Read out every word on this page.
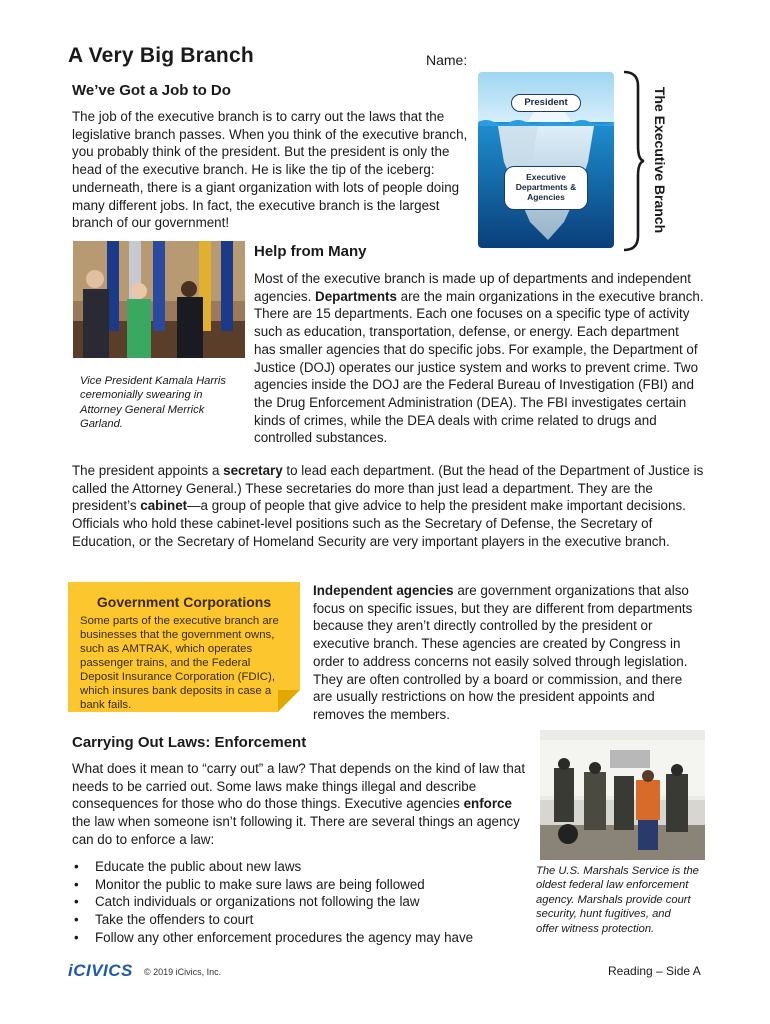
A Very Big Branch	Name:
We’ve Got a Job to Do
The job of the executive branch is to carry out the laws that the legislative branch passes. When you think of the executive branch, you probably think of the president. But the president is only the head of the executive branch. He is like the tip of the iceberg: underneath, there is a giant organization with lots of people doing many different jobs. In fact, the executive branch is the largest branch of our government!
President
Executive
Departments &
Agencies	The Executive Branch
Vice President Kamala Harris
ceremonially swearing in
Attorney General Merrick
Garland.
Help from Many
Most of the executive branch is made up of departments and independent agencies. Departments are the main organizations in the executive branch. There are 15 departments. Each one focuses on a specific type of activity such as education, transportation, defense, or energy. Each department has smaller agencies that do specific jobs. For example, the Department of Justice (DOJ) operates our justice system and works to prevent crime. Two agencies inside the DOJ are the Federal Bureau of Investigation (FBI) and the Drug Enforcement Administration (DEA). The FBI investigates certain kinds of crimes, while the DEA deals with crime related to drugs and controlled substances.
The president appoints a secretary to lead each department. (But the head of the Department of Justice is called the Attorney General.) These secretaries do more than just lead a department. They are the president’s cabinet—a group of people that give advice to help the president make important decisions. Officials who hold these cabinet-level positions such as the Secretary of Defense, the Secretary of Education, or the Secretary of Homeland Security are very important players in the executive branch.
Government Corporations
Some parts of the executive branch are businesses that the government owns, such as AMTRAK, which operates passenger trains, and the Federal Deposit Insurance Corporation (FDIC), which insures bank deposits in case a bank fails.
Independent agencies are government organizations that also focus on specific issues, but they are different from departments because they aren’t directly controlled by the president or executive branch. These agencies are created by Congress in order to address concerns not easily solved through legislation. They are often controlled by a board or commission, and there are usually restrictions on how the president appoints and removes the members.
Carrying Out Laws: Enforcement
What does it mean to “carry out” a law? That depends on the kind of law that needs to be carried out. Some laws make things illegal and describe consequences for those who do those things. Executive agencies enforce the law when someone isn’t following it. There are several things an agency can do to enforce a law:
• Educate the public about new laws
• Monitor the public to make sure laws are being followed
• Catch individuals or organizations not following the law
• Take the offenders to court
• Follow any other enforcement procedures the agency may have
The U.S. Marshals Service is the
oldest federal law enforcement
agency. Marshals provide court
security, hunt fugitives, and
offer witness protection.
iCIVICS © 2019 iCivics, Inc.	Reading – Side A
